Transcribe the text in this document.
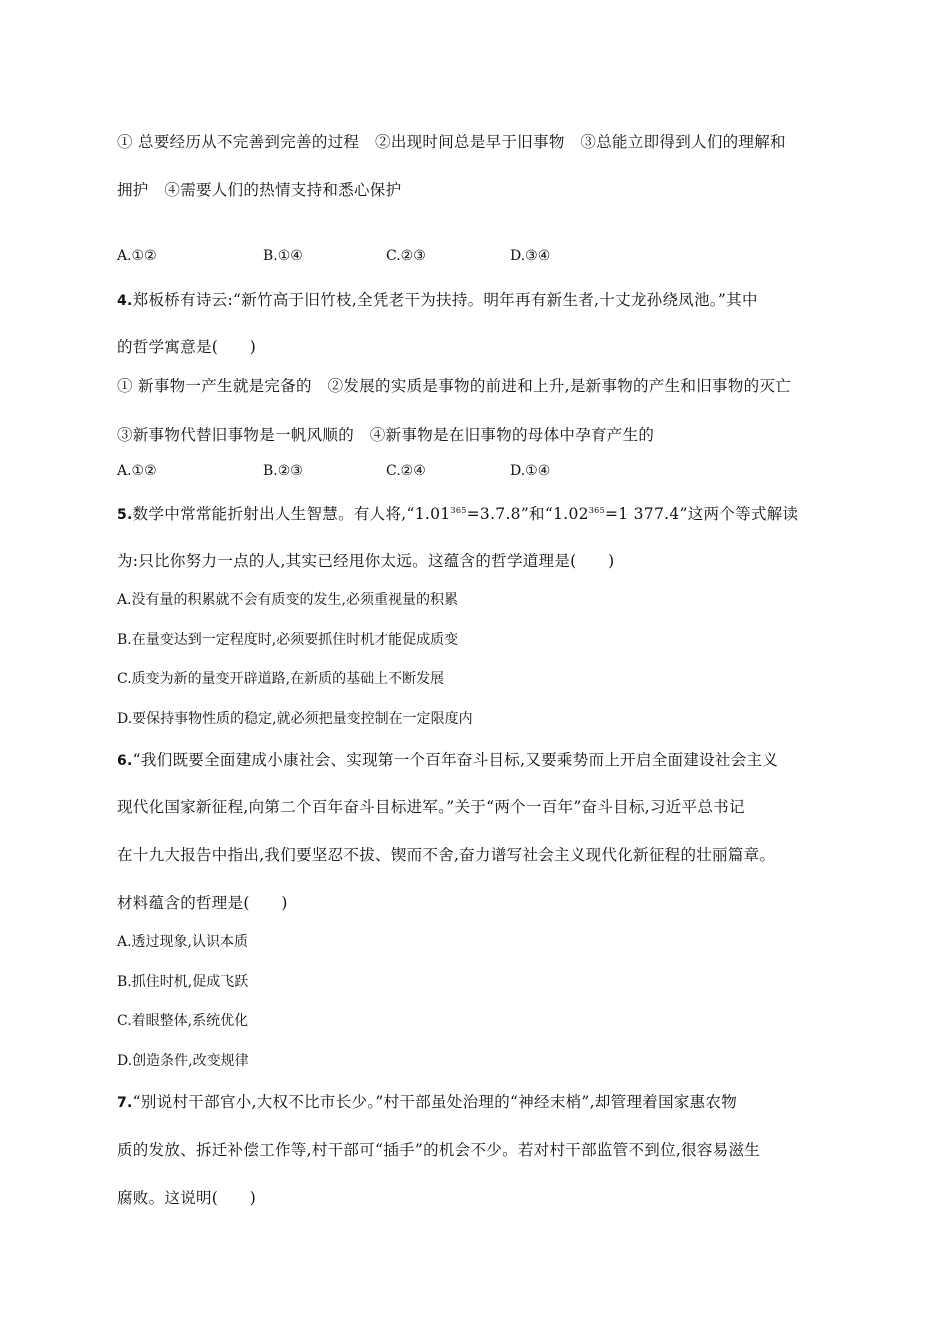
① 总要经历从不完善到完善的过程　②出现时间总是早于旧事物　③总能立即得到人们的理解和
拥护　④需要人们的热情支持和悉心保护
A.①②	B.①④	C.②③	D.③④
4.郑板桥有诗云:“新竹高于旧竹枝,全凭老干为扶持。明年再有新生者,十丈龙孙绕凤池。”其中
的哲学寓意是(　　)
① 新事物一产生就是完备的　②发展的实质是事物的前进和上升,是新事物的产生和旧事物的灭亡
③新事物代替旧事物是一帆风顺的　④新事物是在旧事物的母体中孕育产生的
A.①②	B.②③	C.②④	D.①④
5.数学中常常能折射出人生智慧。有人将$,“1.01^{365}=3.7.8$”和“$1.02^{365}=1$ 377.4”这两个等式解读
为:只比你努力一点的人,其实已经甩你太远。这蕴含的哲学道理是(　　)
A.没有量的积累就不会有质变的发生,必须重视量的积累
B.在量变达到一定程度时,必须要抓住时机才能促成质变
C.质变为新的量变开辟道路,在新质的基础上不断发展
D.要保持事物性质的稳定,就必须把量变控制在一定限度内
6.“我们既要全面建成小康社会、实现第一个百年奋斗目标,又要乘势而上开启全面建设社会主义
现代化国家新征程,向第二个百年奋斗目标进军。”关于“两个一百年”奋斗目标,习近平总书记
在十九大报告中指出,我们要坚忍不拔、锲而不舍,奋力谱写社会主义现代化新征程的壮丽篇章。
材料蕴含的哲理是(　　)
A.透过现象,认识本质
B.抓住时机,促成飞跃
C.着眼整体,系统优化
D.创造条件,改变规律
7.“别说村干部官小,大权不比市长少。”村干部虽处治理的“神经末梢”,却管理着国家惠农物
质的发放、拆迁补偿工作等,村干部可“插手”的机会不少。若对村干部监管不到位,很容易滋生
腐败。这说明(　　)
